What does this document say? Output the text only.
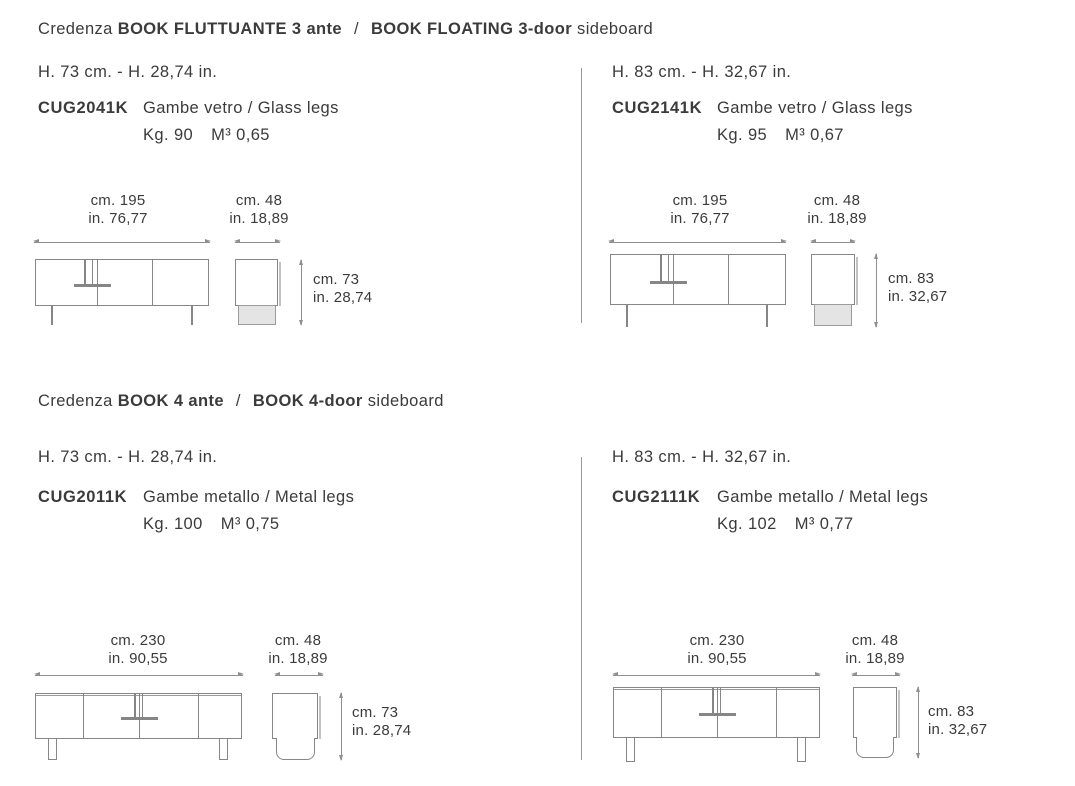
Credenza BOOK FLUTTUANTE 3 ante / BOOK FLOATING 3-door sideboard
H. 73 cm. - H. 28,74 in.
CUG2041K Gambe vetro / Glass legs
Kg. 90 M³ 0,65
H. 83 cm. - H. 32,67 in.
CUG2141K Gambe vetro / Glass legs
Kg. 95 M³ 0,67
cm. 195
in. 76,77
cm. 48
in. 18,89
cm. 73
in. 28,74
cm. 195
in. 76,77
cm. 48
in. 18,89
cm. 83
in. 32,67
Credenza BOOK 4 ante / BOOK 4-door sideboard
H. 73 cm. - H. 28,74 in.
CUG2011K Gambe metallo / Metal legs
Kg. 100 M³ 0,75
H. 83 cm. - H. 32,67 in.
CUG2111K Gambe metallo / Metal legs
Kg. 102 M³ 0,77
cm. 230
in. 90,55
cm. 48
in. 18,89
cm. 73
in. 28,74
cm. 230
in. 90,55
cm. 48
in. 18,89
cm. 83
in. 32,67
